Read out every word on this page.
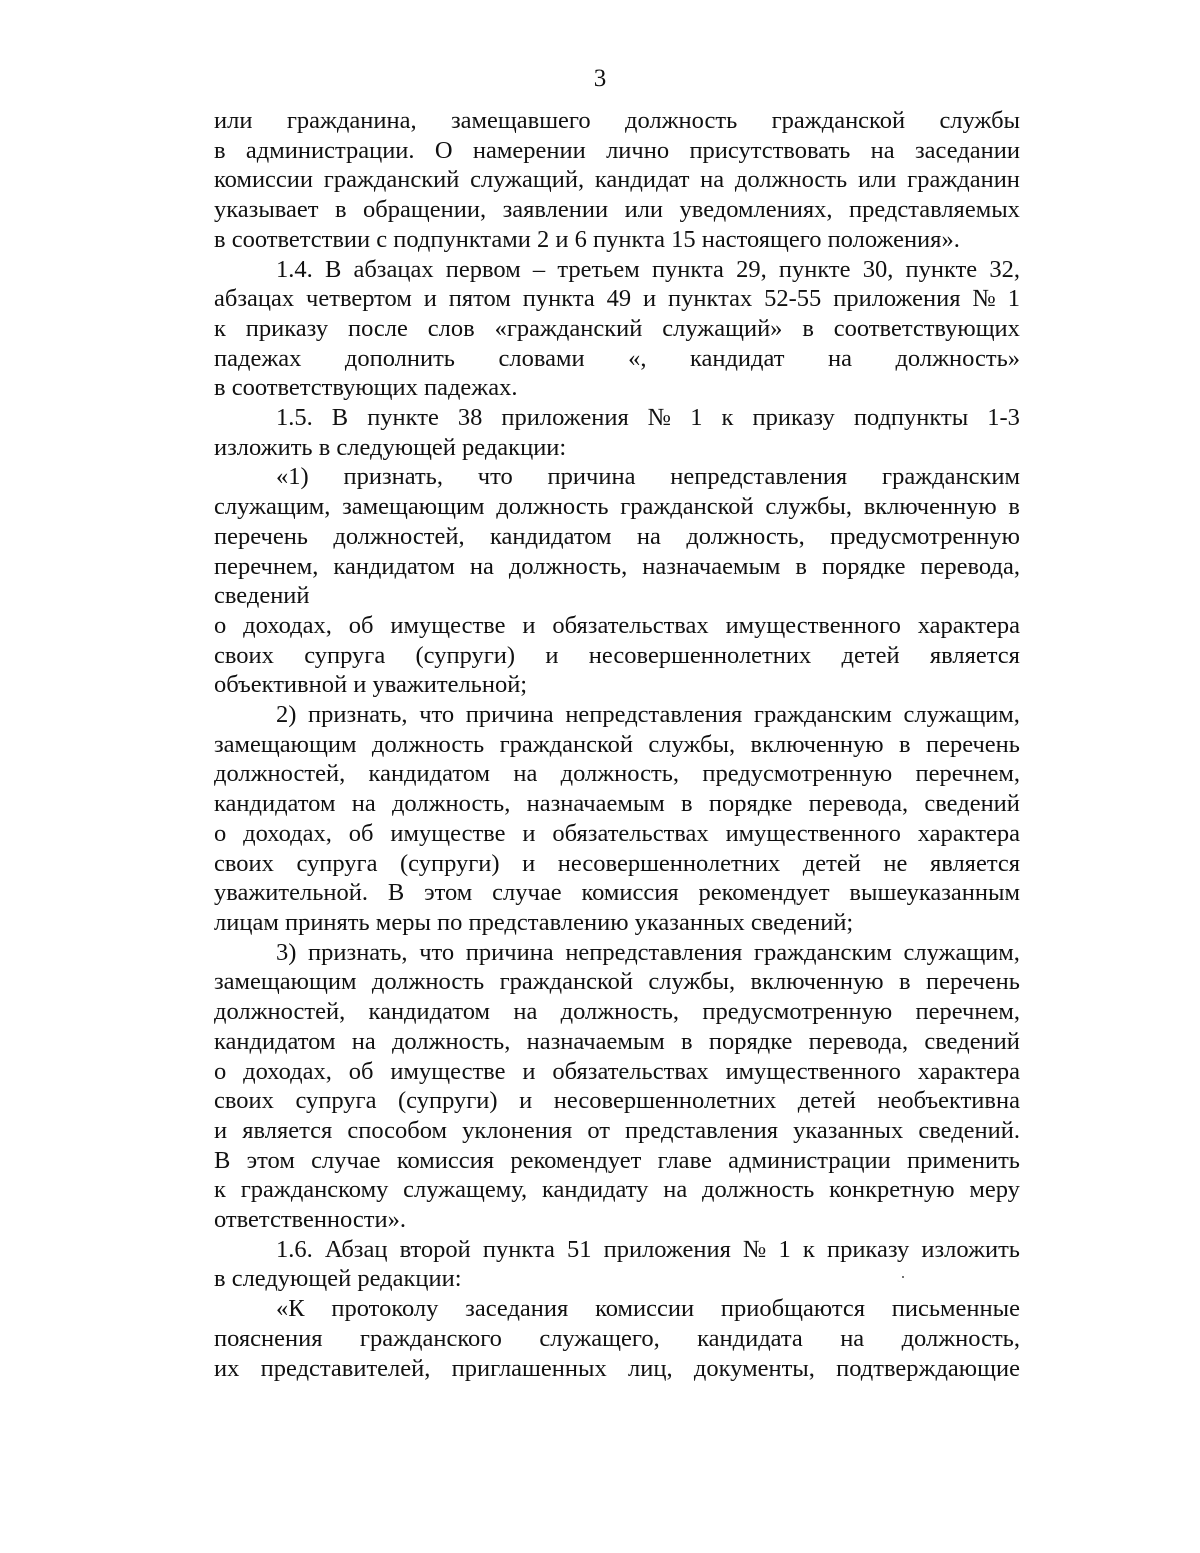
3
или гражданина, замещавшего должность гражданской службы
в администрации. О намерении лично присутствовать на заседании
комиссии гражданский служащий, кандидат на должность или гражданин
указывает в обращении, заявлении или уведомлениях, представляемых
в соответствии с подпунктами 2 и 6 пункта 15 настоящего положения».
1.4. В абзацах первом – третьем пункта 29, пункте 30, пункте 32,
абзацах четвертом и пятом пункта 49 и пунктах 52-55 приложения № 1
к приказу после слов «гражданский служащий» в соответствующих
падежах дополнить словами «, кандидат на должность»
в соответствующих падежах.
1.5. В пункте 38 приложения № 1 к приказу подпункты 1-3
изложить в следующей редакции:
«1) признать, что причина непредставления гражданским
служащим, замещающим должность гражданской службы, включенную в
перечень должностей, кандидатом на должность, предусмотренную
перечнем, кандидатом на должность, назначаемым в порядке перевода,
сведений
о доходах, об имуществе и обязательствах имущественного характера
своих супруга (супруги) и несовершеннолетних детей является
объективной и уважительной;
2) признать, что причина непредставления гражданским служащим,
замещающим должность гражданской службы, включенную в перечень
должностей, кандидатом на должность, предусмотренную перечнем,
кандидатом на должность, назначаемым в порядке перевода, сведений
о доходах, об имуществе и обязательствах имущественного характера
своих супруга (супруги) и несовершеннолетних детей не является
уважительной. В этом случае комиссия рекомендует вышеуказанным
лицам принять меры по представлению указанных сведений;
3) признать, что причина непредставления гражданским служащим,
замещающим должность гражданской службы, включенную в перечень
должностей, кандидатом на должность, предусмотренную перечнем,
кандидатом на должность, назначаемым в порядке перевода, сведений
о доходах, об имуществе и обязательствах имущественного характера
своих супруга (супруги) и несовершеннолетних детей необъективна
и является способом уклонения от представления указанных сведений.
В этом случае комиссия рекомендует главе администрации применить
к гражданскому служащему, кандидату на должность конкретную меру
ответственности».
1.6. Абзац второй пункта 51 приложения № 1 к приказу изложить
в следующей редакции:
«К протоколу заседания комиссии приобщаются письменные
пояснения гражданского служащего, кандидата на должность,
их представителей, приглашенных лиц, документы, подтверждающие
